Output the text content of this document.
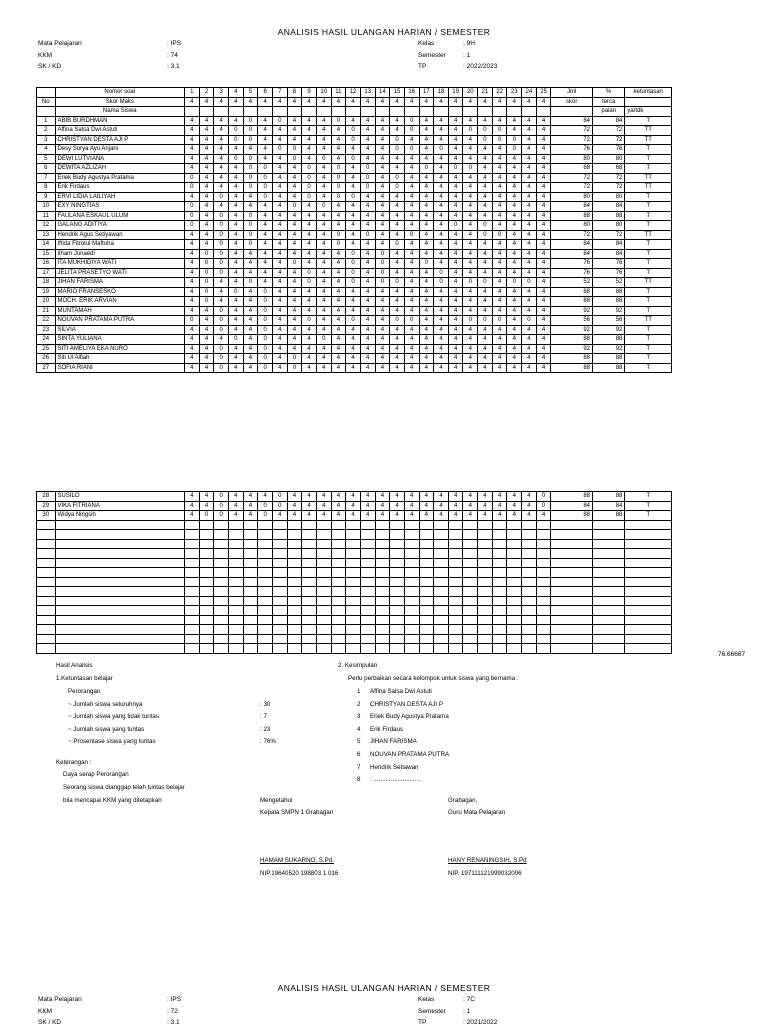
ANALISIS HASIL ULANGAN HARIAN / SEMESTER
Mata Pelajaran	: IPS
KKM	: 74
SK / KD	: 3.1
Kelas	: 9H
Semester	: 1
TP	: 2022/2023
	Nomor soal	1	2	3	4	5	6	7	8	9	10	11	12	13	14	15	16	17	18	19	20	21	22	23	24	25	Jml	%	ketuntasan
No	Skor Maks	4	4	4	4	4	4	4	4	4	4	4	4	4	4	4	4	4	4	4	4	4	4	4	4	4	skor	terca	
	Nama Siswa																											paian	ya/tdk
1	ABIB BURDHMAN	4	4	4	4	0	4	0	4	4	4	0	4	4	4	4	0	4	4	4	4	4	4	4	4	4	84	84	T
2	Affina Salsa Dwi Astuti	4	4	4	0	0	4	4	4	4	4	4	0	4	4	4	0	4	4	4	0	0	0	4	4	4	72	72	TT
3	CHRISTYAN DESTA AJI P	4	4	4	0	0	4	4	4	4	4	4	0	4	4	0	4	4	4	4	4	0	0	0	4	4	72	72	TT
4	Desy Sorya Ayu Anjani	4	4	4	4	4	4	0	0	4	4	4	4	4	4	0	0	4	0	4	4	4	4	0	4	4	76	76	T
5	DEWI LUTVIANA	4	4	4	0	0	4	4	0	4	0	4	0	4	4	4	4	4	4	4	4	4	4	4	4	4	80	80	T
6	DEWITA AZLIZAH	4	4	4	4	0	0	4	4	0	4	0	4	0	4	4	4	0	4	0	0	4	4	4	4	4	68	68	T
7	Eriek Budy Agustya Pratama	0	4	4	4	0	0	4	4	0	4	0	4	0	4	0	4	4	4	4	4	4	4	4	4	4	72	72	TT
8	Erik Firdaus	0	4	4	4	0	0	4	4	0	4	0	4	0	4	0	4	4	4	4	4	4	4	4	4	4	72	72	TT
9	ERVI LIDIA LAILIYAH	4	4	0	4	4	0	4	4	0	4	0	0	4	4	4	4	4	4	4	4	4	4	4	4	4	80	80	T
10	EXY NINGTIAS	0	4	4	4	4	4	4	0	4	0	4	4	4	4	4	4	4	4	4	4	4	4	4	4	4	84	84	T
11	FAULANA ESKAUL ULUM	0	4	0	4	0	4	4	4	4	4	4	4	4	4	4	4	4	4	4	4	4	4	4	4	4	88	88	T
12	GALANG ADITIYA	0	4	0	4	0	4	4	4	4	4	4	4	4	4	4	4	4	4	0	4	0	4	4	4	4	80	80	T
13	Hendrik Agus Setiyawan	4	4	0	4	0	4	4	4	4	4	0	4	0	4	4	0	4	4	4	4	0	0	4	4	4	72	72	TT
14	Iftida Fitrotul Maftuha	4	4	0	4	0	4	4	4	4	4	0	4	4	4	0	4	4	4	4	4	4	4	4	4	4	84	84	T
15	Ilham Junaedi	4	0	0	4	4	4	4	4	4	4	4	0	4	0	4	4	4	4	4	4	4	4	4	4	4	84	84	T
16	ITA MUKHIDIYA WATI	4	0	0	4	4	4	4	0	4	4	4	0	4	0	4	4	0	4	4	4	4	4	4	4	4	76	76	T
17	JELITA PRASETYO WATI	4	0	0	4	4	4	4	4	0	4	4	0	4	0	4	4	4	0	4	4	4	4	4	4	4	76	76	T
18	JIHAN FARISMA	4	0	4	4	0	4	4	4	0	4	4	0	4	0	0	4	4	0	4	0	0	4	0	0	4	52	52	TT
19	MARIO FRANSESKO	4	0	4	0	4	0	4	4	4	4	4	4	4	4	4	4	4	4	4	4	4	4	4	4	4	88	88	T
20	MOCH. ERIK ARVIAN	4	0	4	4	4	0	4	4	4	4	4	4	4	4	4	4	4	4	4	4	4	4	4	4	4	88	88	T
21	MUNTAMAH	4	4	0	4	4	0	4	4	4	4	4	4	4	4	4	4	4	4	4	4	4	4	4	4	4	92	92	T
22	NOUVAN PRATAMA PUTRA	0	4	0	4	4	0	4	4	0	4	4	0	4	4	0	0	4	4	4	0	0	0	4	0	4	56	56	TT
23	SILVIA	4	4	0	4	4	0	4	4	4	4	4	4	4	4	4	4	4	4	4	4	4	4	4	4	4	92	92	T
24	SINTA YULIANA	4	4	4	0	4	0	4	4	4	0	4	4	4	4	4	4	4	4	4	4	4	4	4	4	4	88	88	T
25	SITI AMELIYA EKA NURO	4	4	0	4	4	0	4	4	4	4	4	4	4	4	4	4	4	4	4	4	4	4	4	4	4	92	92	T
26	Siti Ul Alfiah	4	4	0	4	4	0	4	0	4	4	4	4	4	4	4	4	4	4	4	4	4	4	4	4	4	88	88	T
27	SOFIA RIANI	4	4	0	4	4	0	4	0	4	4	4	4	4	4	4	4	4	4	4	4	4	4	4	4	4	88	88	T
28	SUSILO	4	4	0	4	4	4	0	4	4	4	4	4	4	4	4	4	4	4	4	4	4	4	4	4	0	88	88	T
29	VIKA FITRIANA	4	4	0	4	4	0	0	4	4	4	4	4	4	4	4	4	4	4	4	4	4	4	4	4	0	84	84	T
30	Widya Ningsih	4	0	0	4	4	0	4	4	4	4	4	4	4	4	4	4	4	4	4	4	4	4	4	4	4	88	88	T

76.66667
Hasil Analisis
1.Ketuntasan belajar
Perorangan
~ Jumlah siswa seluruhnya	: 30
~ Jumlah siswa yang tidak tuntas	: 7
~ Jumlah siswa yang tuntas	: 23
~ Prosentase siswa yang tuntas	: 76%
Keterangan :
Daya serap Perorangan
Seorang siswa dianggap telah tuntas belajar
bila mencapai KKM yang ditetapkan
2. Kesimpulan
Perlu perbaikan secara kelompok untuk siswa yang bernama :
1 Affina Salsa Dwi Astuti
2 CHRISTYAN DESTA AJI P
3 Eriek Budy Agustya Pratama
4 Erik Firdaus
5 JIHAN FARISMA
6 NOUVAN PRATAMA PUTRA
7 Hendrik Setiawan
8 : ............................
Mengetahui
Kepala SMPN 1 Grabagan
HAMAM SUKARNO, S.Pd.
NIP.19640520 198803 1 016
Grabagan,
Guru Mata Pelajaran
HANY RENANINGSIH, S.Pd
NIP. 197111121999032006
ANALISIS HASIL ULANGAN HARIAN / SEMESTER
Mata Pelajaran	: IPS
KKM	: 72
SK / KD	: 3.1
Kelas	: 7C
Semester	: 1
TP	: 2021/2022
